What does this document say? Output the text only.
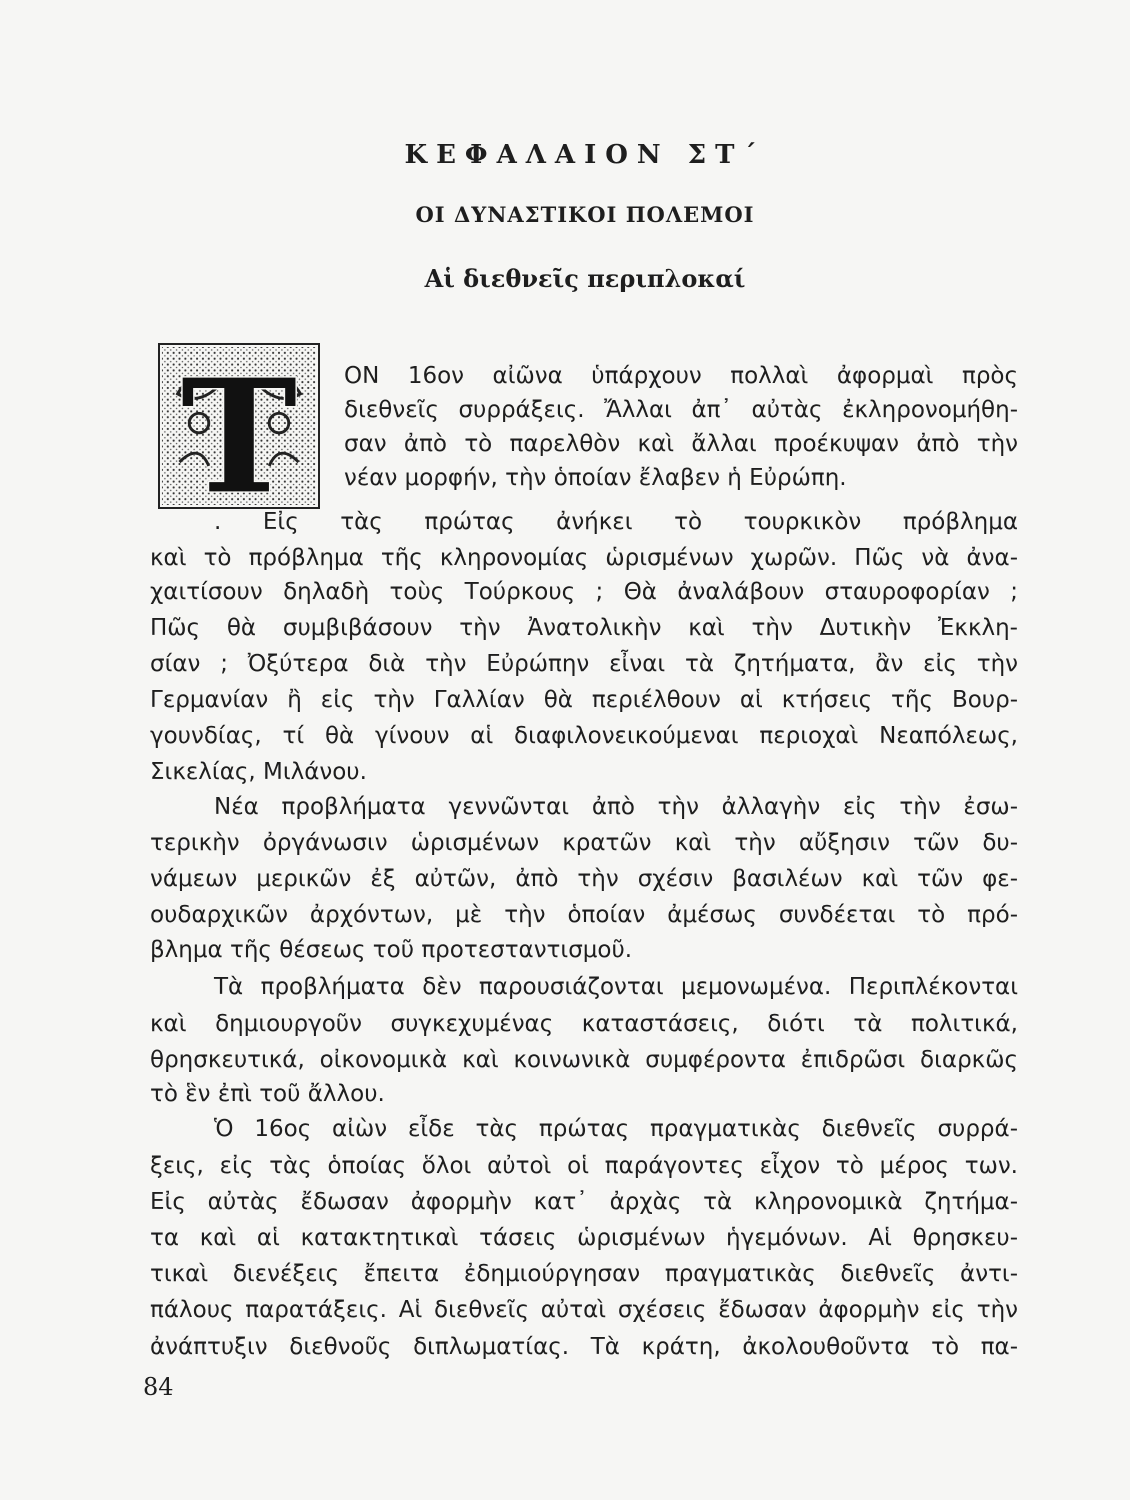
ΚΕΦΑΛΑΙΟΝ ΣΤ΄
ΟΙ ΔΥΝΑΣΤΙΚΟΙ ΠΟΛΕΜΟΙ
Αἱ διεθνεῖς περιπλοκαί
Τ ΟΝ 16ον αἰῶνα ὑπάρχουν πολλαὶ ἀφορμαὶ πρὸς
διεθνεῖς συρράξεις. Ἄλλαι ἀπ᾽ αὐτὰς ἐκληρονομήθη-
σαν ἀπὸ τὸ παρελθὸν καὶ ἄλλαι προέκυψαν ἀπὸ τὴν
νέαν μορφήν, τὴν ὁποίαν ἔλαβεν ἡ Εὐρώπη.
. Εἰς τὰς πρώτας ἀνήκει τὸ τουρκικὸν πρόβλημα
καὶ τὸ πρόβλημα τῆς κληρονομίας ὡρισμένων χωρῶν. Πῶς νὰ ἀνα-
χαιτίσουν δηλαδὴ τοὺς Τούρκους ; Θὰ ἀναλάβουν σταυροφορίαν ;
Πῶς θὰ συμβιβάσουν τὴν Ἀνατολικὴν καὶ τὴν Δυτικὴν Ἐκκλη-
σίαν ; Ὀξύτερα διὰ τὴν Εὐρώπην εἶναι τὰ ζητήματα, ἂν εἰς τὴν
Γερμανίαν ἢ εἰς τὴν Γαλλίαν θὰ περιέλθουν αἱ κτήσεις τῆς Βουρ-
γουνδίας, τί θὰ γίνουν αἱ διαφιλονεικούμεναι περιοχαὶ Νεαπόλεως,
Σικελίας, Μιλάνου.
Νέα προβλήματα γεννῶνται ἀπὸ τὴν ἀλλαγὴν εἰς τὴν ἐσω-
τερικὴν ὀργάνωσιν ὡρισμένων κρατῶν καὶ τὴν αὔξησιν τῶν δυ-
νάμεων μερικῶν ἐξ αὐτῶν, ἀπὸ τὴν σχέσιν βασιλέων καὶ τῶν φε-
ουδαρχικῶν ἀρχόντων, μὲ τὴν ὁποίαν ἀμέσως συνδέεται τὸ πρό-
βλημα τῆς θέσεως τοῦ προτεσταντισμοῦ.
Τὰ προβλήματα δὲν παρουσιάζονται μεμονωμένα. Περιπλέκονται
καὶ δημιουργοῦν συγκεχυμένας καταστάσεις, διότι τὰ πολιτικά,
θρησκευτικά, οἰκονομικὰ καὶ κοινωνικὰ συμφέροντα ἐπιδρῶσι διαρκῶς
τὸ ἓν ἐπὶ τοῦ ἄλλου.
Ὁ 16ος αἰὼν εἶδε τὰς πρώτας πραγματικὰς διεθνεῖς συρρά-
ξεις, εἰς τὰς ὁποίας ὅλοι αὐτοὶ οἱ παράγοντες εἶχον τὸ μέρος των.
Εἰς αὐτὰς ἔδωσαν ἀφορμὴν κατ᾽ ἀρχὰς τὰ κληρονομικὰ ζητήμα-
τα καὶ αἱ κατακτητικαὶ τάσεις ὡρισμένων ἡγεμόνων. Αἱ θρησκευ-
τικαὶ διενέξεις ἔπειτα ἐδημιούργησαν πραγματικὰς διεθνεῖς ἀντι-
πάλους παρατάξεις. Αἱ διεθνεῖς αὐταὶ σχέσεις ἔδωσαν ἀφορμὴν εἰς τὴν
ἀνάπτυξιν διεθνοῦς διπλωματίας. Τὰ κράτη, ἀκολουθοῦντα τὸ πα-
84
